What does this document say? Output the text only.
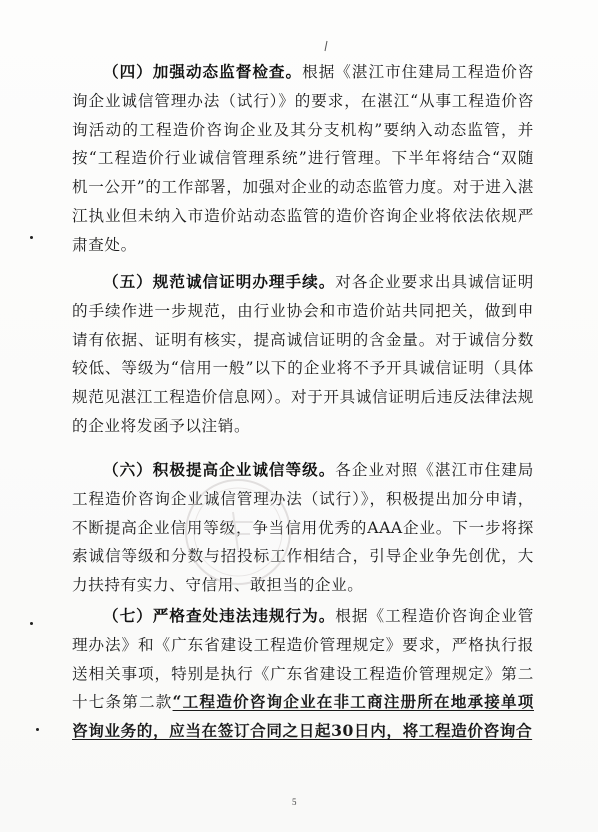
（四）加强动态监督检查。根据《湛江市住建局工程造价咨询企业诚信管理办法（试行）》的要求，在湛江“从事工程造价咨询活动的工程造价咨询企业及其分支机构”要纳入动态监管，并按“工程造价行业诚信管理系统”进行管理。下半年将结合“双随机一公开”的工作部署，加强对企业的动态监管力度。对于进入湛江执业但未纳入市造价站动态监管的造价咨询企业将依法依规严肃查处。

（五）规范诚信证明办理手续。对各企业要求出具诚信证明的手续作进一步规范，由行业协会和市造价站共同把关，做到申请有依据、证明有核实，提高诚信证明的含金量。对于诚信分数较低、等级为“信用一般”以下的企业将不予开具诚信证明（具体规范见湛江工程造价信息网）。对于开具诚信证明后违反法律法规的企业将发函予以注销。

（六）积极提高企业诚信等级。各企业对照《湛江市住建局工程造价咨询企业诚信管理办法（试行）》，积极提出加分申请，不断提高企业信用等级，争当信用优秀的AAA企业。下一步将探索诚信等级和分数与招投标工作相结合，引导企业争先创优，大力扶持有实力、守信用、敢担当的企业。

（七）严格查处违法违规行为。根据《工程造价咨询企业管理办法》和《广东省建设工程造价管理规定》要求，严格执行报送相关事项，特别是执行《广东省建设工程造价管理规定》第二十七条第二款“工程造价咨询企业在非工商注册所在地承接单项咨询业务的，应当在签订合同之日起30日内，将工程造价咨询合

5
